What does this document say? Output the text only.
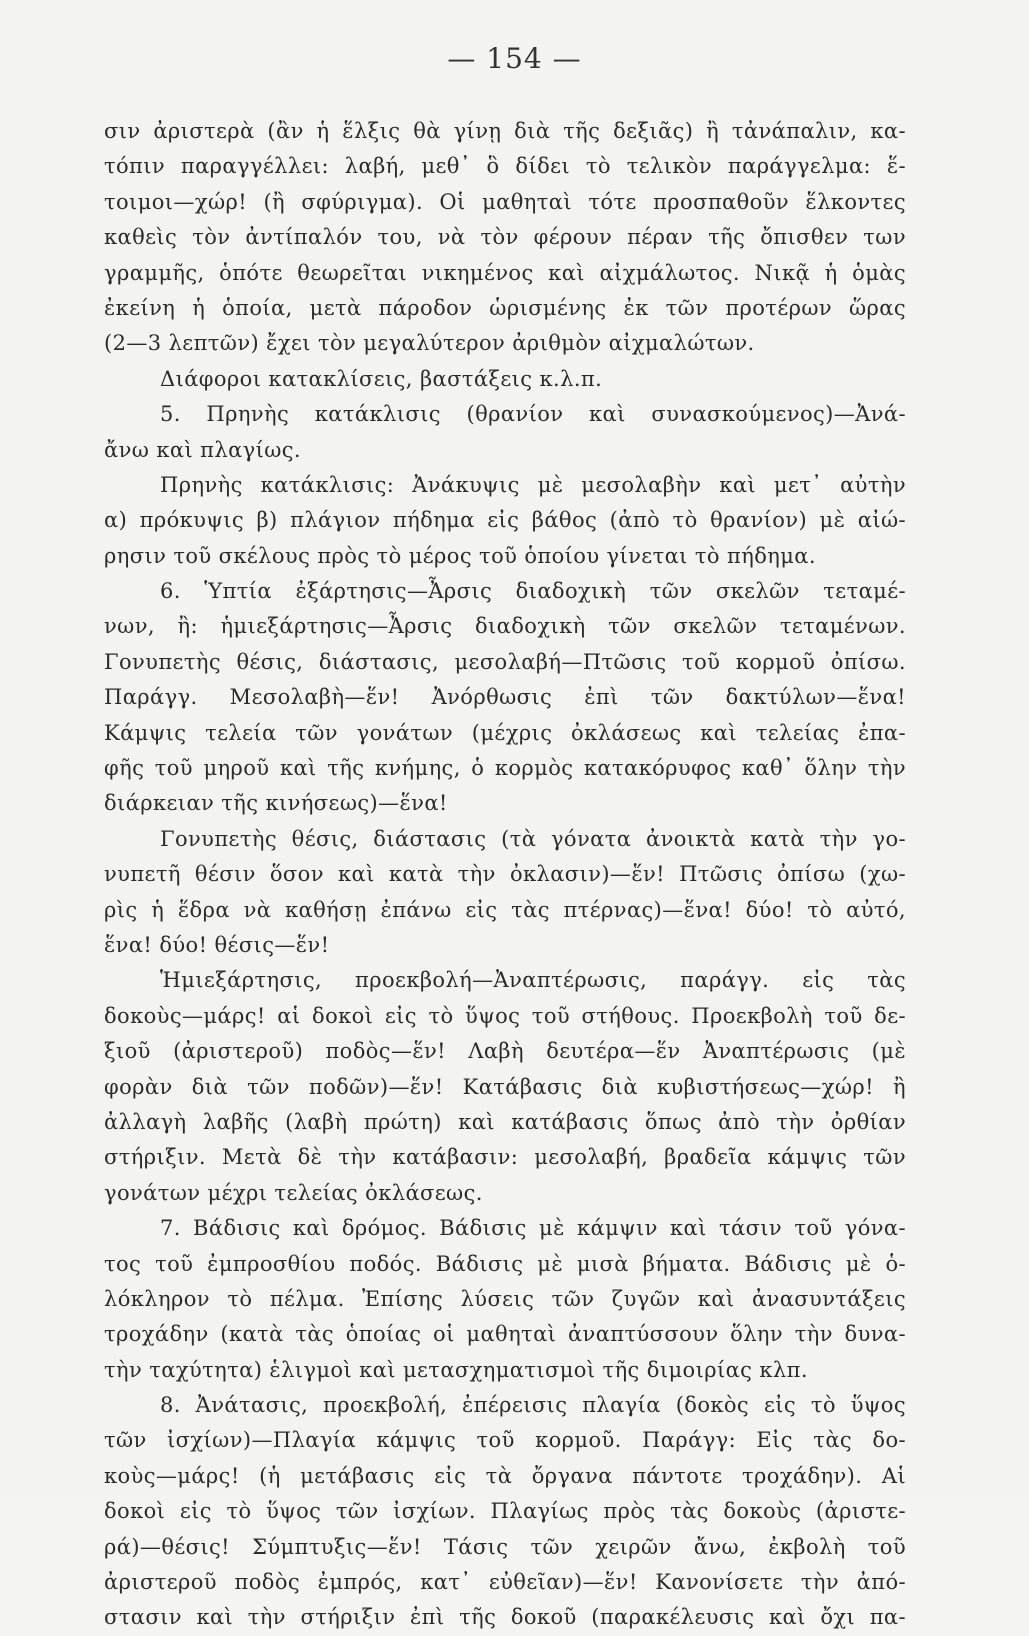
— 154 —
σιν ἀριστερὰ (ἂν ἡ ἕλξις θὰ γίνῃ διὰ τῆς δεξιᾶς) ἢ τἀνάπαλιν, κα-
τόπιν παραγγέλλει: λαβή, μεθ᾽ ὃ δίδει τὸ τελικὸν παράγγελμα: ἕ-
τοιμοι—χώρ! (ἢ σφύριγμα). Οἱ μαθηταὶ τότε προσπαθοῦν ἕλκοντες
καθεὶς τὸν ἀντίπαλόν του, νὰ τὸν φέρουν πέραν τῆς ὄπισθεν των
γραμμῆς, ὁπότε θεωρεῖται νικημένος καὶ αἰχμάλωτος. Νικᾷ ἡ ὁμὰς
ἐκείνη ἡ ὁποία, μετὰ πάροδον ὡρισμένης ἐκ τῶν προτέρων ὥρας
(2—3 λεπτῶν) ἔχει τὸν μεγαλύτερον ἀριθμὸν αἰχμαλώτων.
Διάφοροι κατακλίσεις, βαστάξεις κ.λ.π.
5. Πρηνὴς κατάκλισις (θρανίον καὶ συνασκούμενος)—Ἀνά-
ἄνω καὶ πλαγίως.
Πρηνὴς κατάκλισις: Ἀνάκυψις μὲ μεσολαβὴν καὶ μετ᾽ αὐτὴν
α) πρόκυψις β) πλάγιον πήδημα εἰς βάθος (ἀπὸ τὸ θρανίον) μὲ αἰώ-
ρησιν τοῦ σκέλους πρὸς τὸ μέρος τοῦ ὁποίου γίνεται τὸ πήδημα.
6. Ὑπτία ἐξάρτησις—Ἆρσις διαδοχικὴ τῶν σκελῶν τεταμέ-
νων, ἢ: ἡμιεξάρτησις—Ἆρσις διαδοχικὴ τῶν σκελῶν τεταμένων.
Γονυπετὴς θέσις, διάστασις, μεσολαβή—Πτῶσις τοῦ κορμοῦ ὀπίσω.
Παράγγ. Μεσολαβὴ—ἕν! Ἀνόρθωσις ἐπὶ τῶν δακτύλων—ἕνα!
Κάμψις τελεία τῶν γονάτων (μέχρις ὀκλάσεως καὶ τελείας ἐπα-
φῆς τοῦ μηροῦ καὶ τῆς κνήμης, ὁ κορμὸς κατακόρυφος καθ᾽ ὅλην τὴν
διάρκειαν τῆς κινήσεως)—ἕνα!
Γονυπετὴς θέσις, διάστασις (τὰ γόνατα ἀνοικτὰ κατὰ τὴν γο-
νυπετῆ θέσιν ὅσον καὶ κατὰ τὴν ὀκλασιν)—ἕν! Πτῶσις ὀπίσω (χω-
ρὶς ἡ ἕδρα νὰ καθήσῃ ἐπάνω εἰς τὰς πτέρνας)—ἕνα! δύο! τὸ αὐτό,
ἕνα! δύο! θέσις—ἕν!
Ἡμιεξάρτησις, προεκβολή—Ἀναπτέρωσις, παράγγ. εἰς τὰς
δοκοὺς—μάρς! αἱ δοκοὶ εἰς τὸ ὕψος τοῦ στήθους. Προεκβολὴ τοῦ δε-
ξιοῦ (ἀριστεροῦ) ποδὸς—ἕν! Λαβὴ δευτέρα—ἕν Ἀναπτέρωσις (μὲ
φορὰν διὰ τῶν ποδῶν)—ἕν! Κατάβασις διὰ κυβιστήσεως—χώρ! ἢ
ἀλλαγὴ λαβῆς (λαβὴ πρώτη) καὶ κατάβασις ὅπως ἀπὸ τὴν ὀρθίαν
στήριξιν. Μετὰ δὲ τὴν κατάβασιν: μεσολαβή, βραδεῖα κάμψις τῶν
γονάτων μέχρι τελείας ὀκλάσεως.
7. Βάδισις καὶ δρόμος. Βάδισις μὲ κάμψιν καὶ τάσιν τοῦ γόνα-
τος τοῦ ἐμπροσθίου ποδός. Βάδισις μὲ μισὰ βήματα. Βάδισις μὲ ὁ-
λόκληρον τὸ πέλμα. Ἐπίσης λύσεις τῶν ζυγῶν καὶ ἀνασυντάξεις
τροχάδην (κατὰ τὰς ὁποίας οἱ μαθηταὶ ἀναπτύσσουν ὅλην τὴν δυνα-
τὴν ταχύτητα) ἑλιγμοὶ καὶ μετασχηματισμοὶ τῆς διμοιρίας κλπ.
8. Ἀνάτασις, προεκβολή, ἐπέρεισις πλαγία (δοκὸς εἰς τὸ ὕψος
τῶν ἰσχίων)—Πλαγία κάμψις τοῦ κορμοῦ. Παράγγ: Εἰς τὰς δο-
κοὺς—μάρς! (ἡ μετάβασις εἰς τὰ ὄργανα πάντοτε τροχάδην). Αἱ
δοκοὶ εἰς τὸ ὕψος τῶν ἰσχίων. Πλαγίως πρὸς τὰς δοκοὺς (ἀριστε-
ρά)—θέσις! Σύμπτυξις—ἕν! Τάσις τῶν χειρῶν ἄνω, ἐκβολὴ τοῦ
ἀριστεροῦ ποδὸς ἐμπρός, κατ᾽ εὐθεῖαν)—ἕν! Κανονίσετε τὴν ἀπό-
στασιν καὶ τὴν στήριξιν ἐπὶ τῆς δοκοῦ (παρακέλευσις καὶ ὄχι πα-
